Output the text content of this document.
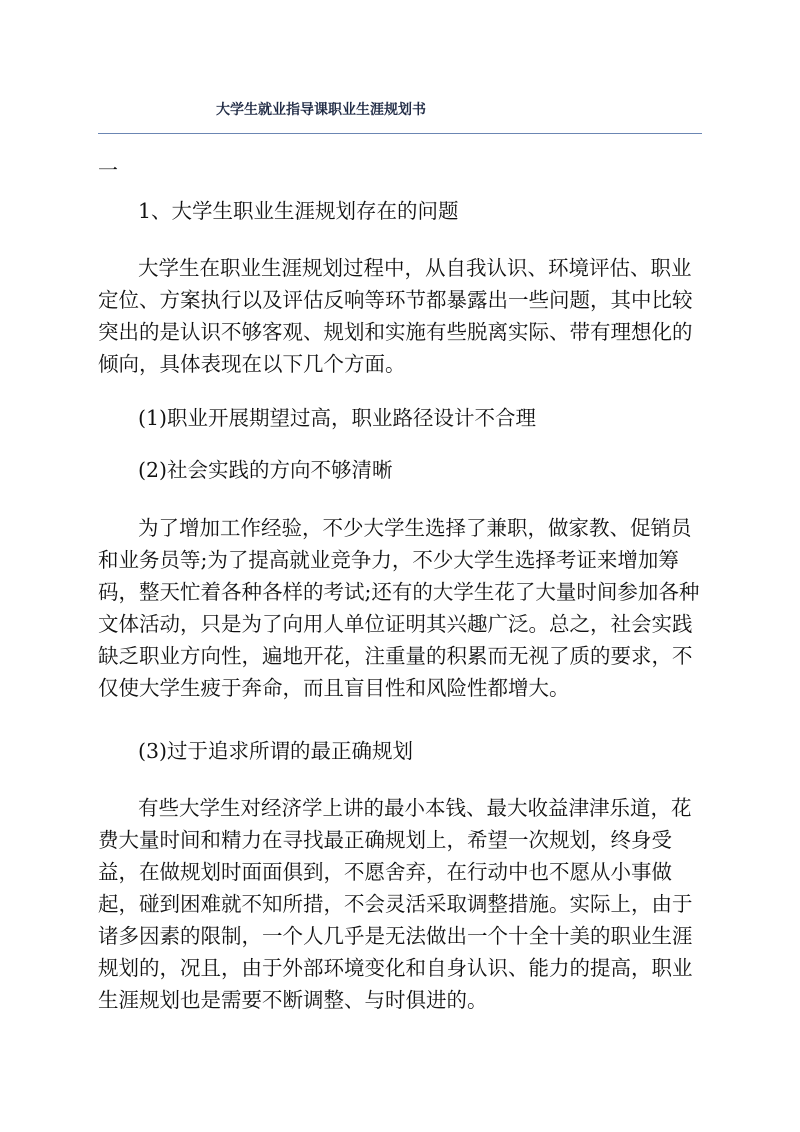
大学生就业指导课职业生涯规划书
一

1、大学生职业生涯规划存在的问题

大学生在职业生涯规划过程中，从自我认识、环境评估、职业定位、方案执行以及评估反响等环节都暴露出一些问题，其中比较突出的是认识不够客观、规划和实施有些脱离实际、带有理想化的倾向，具体表现在以下几个方面。

(1)职业开展期望过高，职业路径设计不合理

(2)社会实践的方向不够清晰

为了增加工作经验，不少大学生选择了兼职，做家教、促销员和业务员等;为了提高就业竞争力，不少大学生选择考证来增加筹码，整天忙着各种各样的考试;还有的大学生花了大量时间参加各种文体活动，只是为了向用人单位证明其兴趣广泛。总之，社会实践缺乏职业方向性，遍地开花，注重量的积累而无视了质的要求，不仅使大学生疲于奔命，而且盲目性和风险性都增大。

(3)过于追求所谓的最正确规划

有些大学生对经济学上讲的最小本钱、最大收益津津乐道，花费大量时间和精力在寻找最正确规划上，希望一次规划，终身受益，在做规划时面面俱到，不愿舍弃，在行动中也不愿从小事做起，碰到困难就不知所措，不会灵活采取调整措施。实际上，由于诸多因素的限制，一个人几乎是无法做出一个十全十美的职业生涯规划的，况且，由于外部环境变化和自身认识、能力的提高，职业生涯规划也是需要不断调整、与时俱进的。
